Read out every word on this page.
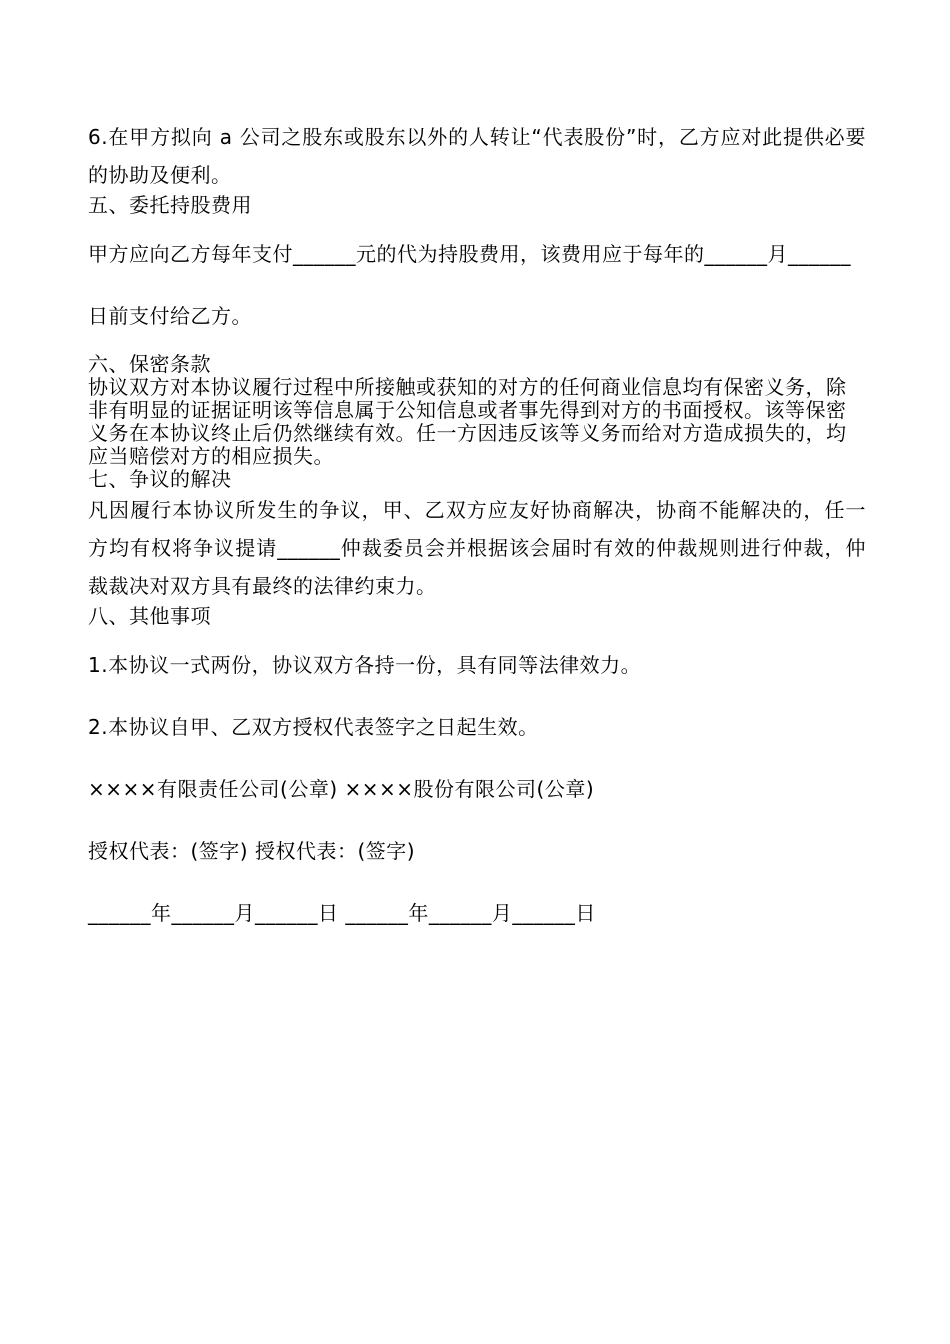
6.在甲方拟向 a 公司之股东或股东以外的人转让“代表股份”时，乙方应对此提供必要的协助及便利。

五、委托持股费用

甲方应向乙方每年支付______元的代为持股费用，该费用应于每年的______月______日前支付给乙方。

六、保密条款

协议双方对本协议履行过程中所接触或获知的对方的任何商业信息均有保密义务，除非有明显的证据证明该等信息属于公知信息或者事先得到对方的书面授权。该等保密义务在本协议终止后仍然继续有效。任一方因违反该等义务而给对方造成损失的，均应当赔偿对方的相应损失。

七、争议的解决

凡因履行本协议所发生的争议，甲、乙双方应友好协商解决，协商不能解决的，任一方均有权将争议提请______仲裁委员会并根据该会届时有效的仲裁规则进行仲裁，仲裁裁决对双方具有最终的法律约束力。

八、其他事项

1.本协议一式两份，协议双方各持一份，具有同等法律效力。

2.本协议自甲、乙双方授权代表签字之日起生效。

××××有限责任公司(公章) ××××股份有限公司(公章)

授权代表：(签字) 授权代表：(签字)

______年______月______日 ______年______月______日
